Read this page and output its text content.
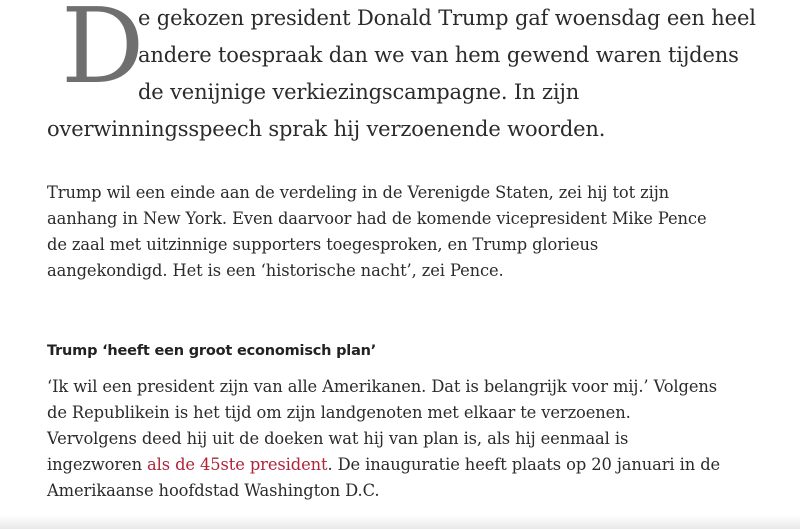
D
e gekozen president Donald Trump gaf woensdag een heel
andere toespraak dan we van hem gewend waren tijdens
de venijnige verkiezingscampagne. In zijn
overwinningsspeech sprak hij verzoenende woorden.
Trump wil een einde aan de verdeling in de Verenigde Staten, zei hij tot zijn
aanhang in New York. Even daarvoor had de komende vicepresident Mike Pence
de zaal met uitzinnige supporters toegesproken, en Trump glorieus
aangekondigd. Het is een ‘historische nacht’, zei Pence.
Trump ‘heeft een groot economisch plan’
‘Ik wil een president zijn van alle Amerikanen. Dat is belangrijk voor mij.’ Volgens
de Republikein is het tijd om zijn landgenoten met elkaar te verzoenen.
Vervolgens deed hij uit de doeken wat hij van plan is, als hij eenmaal is
ingezworen als de 45ste president. De inauguratie heeft plaats op 20 januari in de
Amerikaanse hoofdstad Washington D.C.
